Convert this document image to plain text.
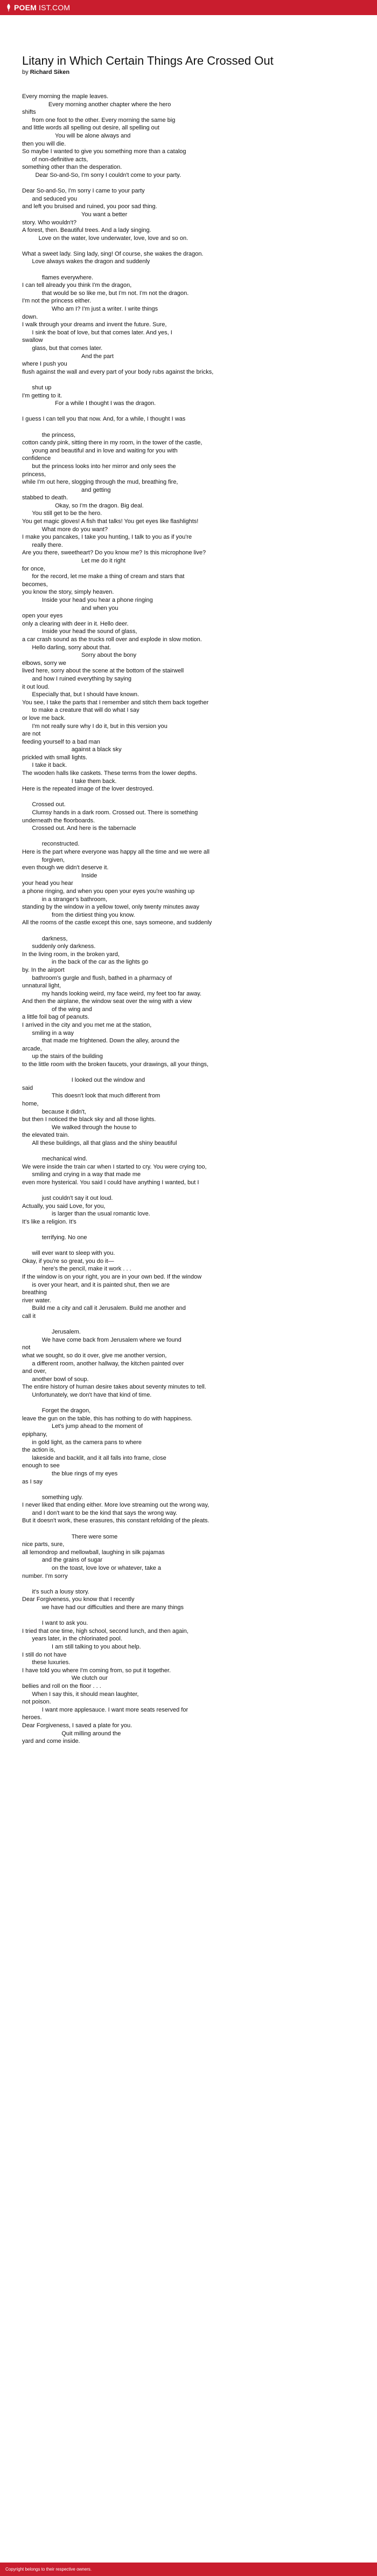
POEM IST.COM
Litany in Which Certain Things Are Crossed Out
by Richard Siken
Every morning the maple leaves.
Every morning another chapter where the hero
shifts
from one foot to the other. Every morning the same big
and little words all spelling out desire, all spelling out
You will be alone always and
then you will die.
So maybe I wanted to give you something more than a catalog
of non-definitive acts,
something other than the desperation.
Dear So-and-So, I'm sorry I couldn't come to your party.

Dear So-and-So, I'm sorry I came to your party
and seduced you
and left you bruised and ruined, you poor sad thing.
You want a better
story. Who wouldn't?
A forest, then. Beautiful trees. And a lady singing.
Love on the water, love underwater, love, love and so on.

What a sweet lady. Sing lady, sing! Of course, she wakes the dragon.
Love always wakes the dragon and suddenly

flames everywhere.
I can tell already you think I'm the dragon,
that would be so like me, but I'm not. I'm not the dragon.
I'm not the princess either.
Who am I? I'm just a writer. I write things
down.
I walk through your dreams and invent the future. Sure,
I sink the boat of love, but that comes later. And yes, I
swallow
glass, but that comes later.
And the part
where I push you
flush against the wall and every part of your body rubs against the bricks,

shut up
I'm getting to it.
For a while I thought I was the dragon.

I guess I can tell you that now. And, for a while, I thought I was

the princess,
cotton candy pink, sitting there in my room, in the tower of the castle,
young and beautiful and in love and waiting for you with
confidence
but the princess looks into her mirror and only sees the
princess,
while I'm out here, slogging through the mud, breathing fire,
and getting
stabbed to death.
Okay, so I'm the dragon. Big deal.
You still get to be the hero.
You get magic gloves! A fish that talks! You get eyes like flashlights!
What more do you want?
I make you pancakes, I take you hunting, I talk to you as if you're
really there.
Are you there, sweetheart? Do you know me? Is this microphone live?
Let me do it right
for once,
for the record, let me make a thing of cream and stars that
becomes,
you know the story, simply heaven.
Inside your head you hear a phone ringing
and when you
open your eyes
only a clearing with deer in it. Hello deer.
Inside your head the sound of glass,
a car crash sound as the trucks roll over and explode in slow motion.
Hello darling, sorry about that.
Sorry about the bony
elbows, sorry we
lived here, sorry about the scene at the bottom of the stairwell
and how I ruined everything by saying
it out loud.
Especially that, but I should have known.
You see, I take the parts that I remember and stitch them back together
to make a creature that will do what I say
or love me back.
I'm not really sure why I do it, but in this version you
are not
feeding yourself to a bad man
against a black sky
prickled with small lights.
I take it back.
The wooden halls like caskets. These terms from the lower depths.
I take them back.
Here is the repeated image of the lover destroyed.

Crossed out.
Clumsy hands in a dark room. Crossed out. There is something
underneath the floorboards.
Crossed out. And here is the tabernacle

reconstructed.
Here is the part where everyone was happy all the time and we were all
forgiven,
even though we didn't deserve it.
Inside
your head you hear
a phone ringing, and when you open your eyes you're washing up
in a stranger's bathroom,
standing by the window in a yellow towel, only twenty minutes away
from the dirtiest thing you know.
All the rooms of the castle except this one, says someone, and suddenly

darkness,
suddenly only darkness.
In the living room, in the broken yard,
in the back of the car as the lights go
by. In the airport
bathroom's gurgle and flush, bathed in a pharmacy of
unnatural light,
my hands looking weird, my face weird, my feet too far away.
And then the airplane, the window seat over the wing with a view
of the wing and
a little foil bag of peanuts.
I arrived in the city and you met me at the station,
smiling in a way
that made me frightened. Down the alley, around the
arcade,
up the stairs of the building
to the little room with the broken faucets, your drawings, all your things,

I looked out the window and
said
This doesn't look that much different from
home,
because it didn't,
but then I noticed the black sky and all those lights.
We walked through the house to
the elevated train.
All these buildings, all that glass and the shiny beautiful

mechanical wind.
We were inside the train car when I started to cry. You were crying too,
smiling and crying in a way that made me
even more hysterical. You said I could have anything I wanted, but I

just couldn't say it out loud.
Actually, you said Love, for you,
is larger than the usual romantic love.
It's like a religion. It's

terrifying. No one

will ever want to sleep with you.
Okay, if you're so great, you do it—
here's the pencil, make it work . . .
If the window is on your right, you are in your own bed. If the window
is over your heart, and it is painted shut, then we are
breathing
river water.
Build me a city and call it Jerusalem. Build me another and
call it

Jerusalem.
We have come back from Jerusalem where we found
not
what we sought, so do it over, give me another version,
a different room, another hallway, the kitchen painted over
and over,
another bowl of soup.
The entire history of human desire takes about seventy minutes to tell.
Unfortunately, we don't have that kind of time.

Forget the dragon,
leave the gun on the table, this has nothing to do with happiness.
Let's jump ahead to the moment of
epiphany,
in gold light, as the camera pans to where
the action is,
lakeside and backlit, and it all falls into frame, close
enough to see
the blue rings of my eyes
as I say

something ugly.
I never liked that ending either. More love streaming out the wrong way,
and I don't want to be the kind that says the wrong way.
But it doesn't work, these erasures, this constant refolding of the pleats.

There were some
nice parts, sure,
all lemondrop and mellowball, laughing in silk pajamas
and the grains of sugar
on the toast, love love or whatever, take a
number. I'm sorry

it's such a lousy story.
Dear Forgiveness, you know that I recently
we have had our difficulties and there are many things

I want to ask you.
I tried that one time, high school, second lunch, and then again,
years later, in the chlorinated pool.
I am still talking to you about help.
I still do not have
these luxuries.
I have told you where I'm coming from, so put it together.
We clutch our
bellies and roll on the floor . . .
When I say this, it should mean laughter,
not poison.
I want more applesauce. I want more seats reserved for
heroes.
Dear Forgiveness, I saved a plate for you.
Quit milling around the
yard and come inside.
Copyright belongs to their respective owners.
